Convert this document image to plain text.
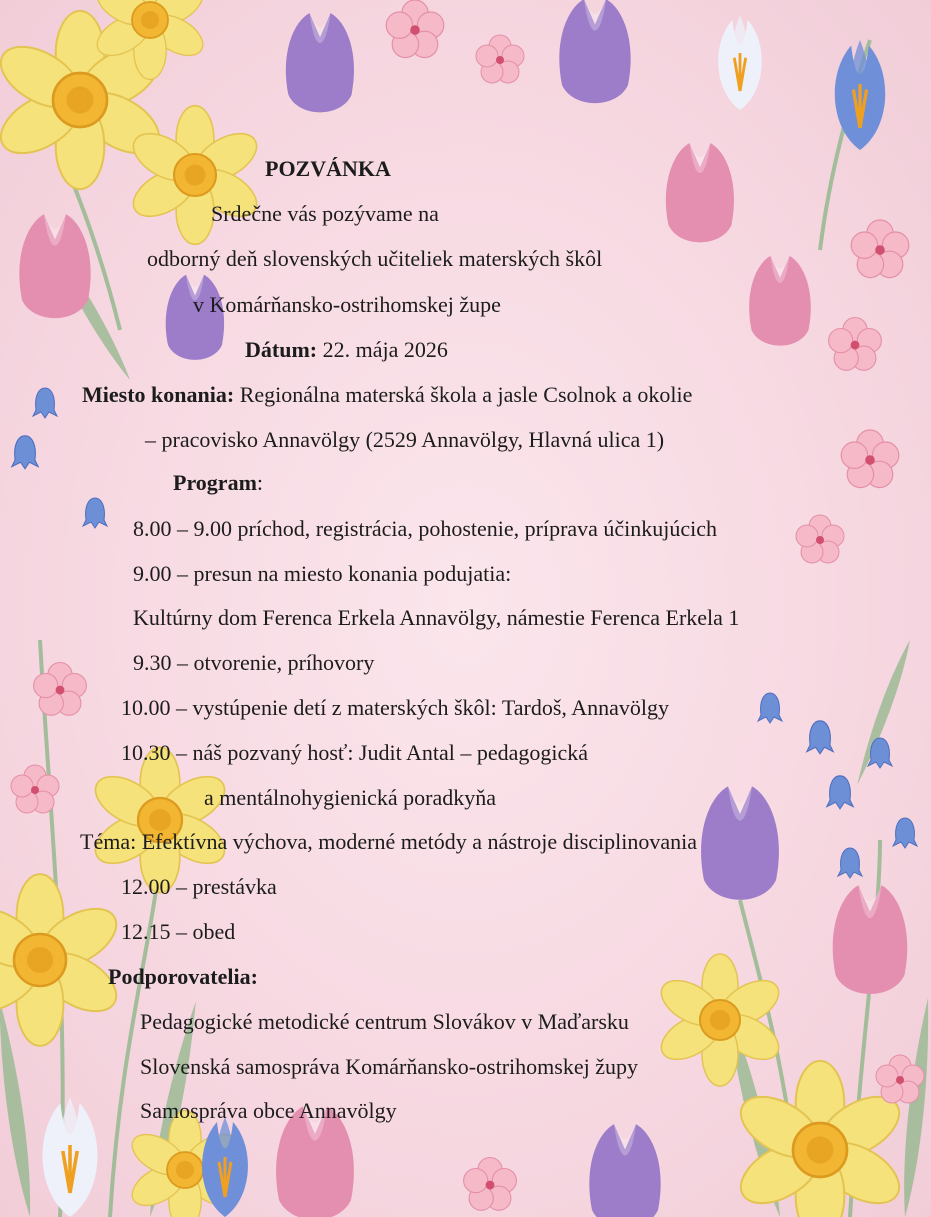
POZVÁNKA
Srdečne vás pozývame na
odborný deň slovenských učiteliek materských škôl
v Komárňansko-ostrihomskej župe
Dátum: 22. mája 2026
Miesto konania: Regionálna materská škola a jasle Csolnok a okolie
– pracovisko Annavölgy (2529 Annavölgy, Hlavná ulica 1)
Program:
8.00 – 9.00 príchod, registrácia, pohostenie, príprava účinkujúcich
9.00 – presun na miesto konania podujatia:
Kultúrny dom Ferenca Erkela Annavölgy, námestie Ferenca Erkela 1
9.30 – otvorenie, príhovory
10.00 – vystúpenie detí z materských škôl: Tardoš, Annavölgy
10.30 – náš pozvaný hosť: Judit Antal – pedagogická
a mentálnohygienická poradkyňa
Téma: Efektívna výchova, moderné metódy a nástroje disciplinovania
12.00 – prestávka
12.15 – obed
Podporovatelia:
Pedagogické metodické centrum Slovákov v Maďarsku
Slovenská samospráva Komárňansko-ostrihomskej župy
Samospráva obce Annavölgy
